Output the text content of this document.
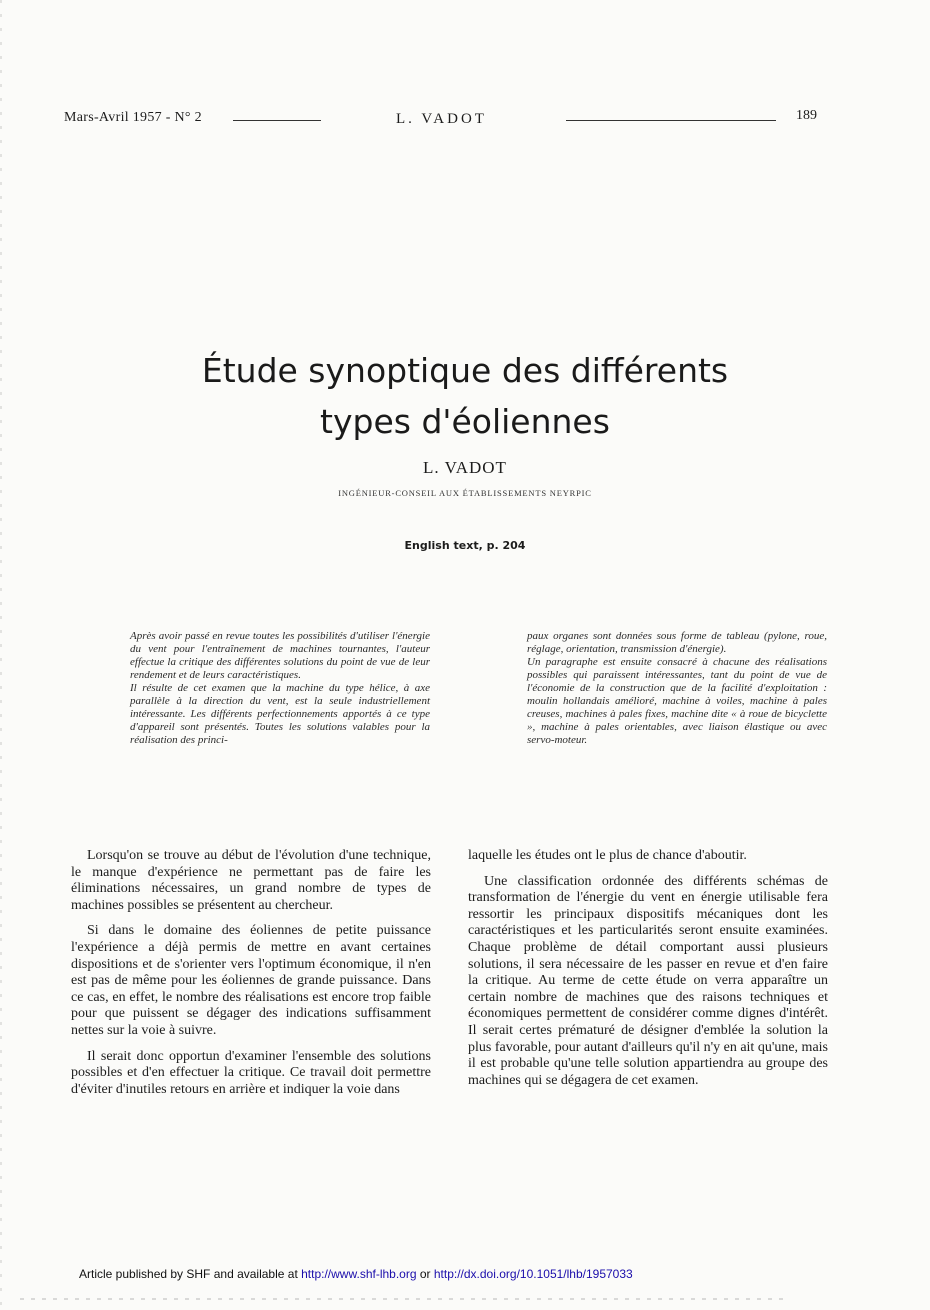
Mars-Avril 1957 - N° 2	L. VADOT	189
Étude synoptique des différents
types d'éoliennes
L. VADOT
INGÉNIEUR-CONSEIL AUX ÉTABLISSEMENTS NEYRPIC
English text, p. 204

Après avoir passé en revue toutes les possibilités d'utiliser l'énergie du vent pour l'entraînement de machines tournantes, l'auteur effectue la critique des différentes solutions du point de vue de leur rendement et de leurs caractéristiques.

Il résulte de cet examen que la machine du type hélice, à axe parallèle à la direction du vent, est la seule industriellement intéressante. Les différents perfectionnements apportés à ce type d'appareil sont présentés. Toutes les solutions valables pour la réalisation des princi-

paux organes sont données sous forme de tableau (pylone, roue, réglage, orientation, transmission d'énergie).

Un paragraphe est ensuite consacré à chacune des réalisations possibles qui paraissent intéressantes, tant du point de vue de l'économie de la construction que de la facilité d'exploitation : moulin hollandais amélioré, machine à voiles, machine à pales creuses, machines à pales fixes, machine dite « à roue de bicyclette », machine à pales orientables, avec liaison élastique ou avec servo-moteur.

Lorsqu'on se trouve au début de l'évolution d'une technique, le manque d'expérience ne permettant pas de faire les éliminations nécessaires, un grand nombre de types de machines possibles se présentent au chercheur.

Si dans le domaine des éoliennes de petite puissance l'expérience a déjà permis de mettre en avant certaines dispositions et de s'orienter vers l'optimum économique, il n'en est pas de même pour les éoliennes de grande puissance. Dans ce cas, en effet, le nombre des réalisations est encore trop faible pour que puissent se dégager des indications suffisamment nettes sur la voie à suivre.

Il serait donc opportun d'examiner l'ensemble des solutions possibles et d'en effectuer la critique. Ce travail doit permettre d'éviter d'inutiles retours en arrière et indiquer la voie dans

laquelle les études ont le plus de chance d'aboutir.

Une classification ordonnée des différents schémas de transformation de l'énergie du vent en énergie utilisable fera ressortir les principaux dispositifs mécaniques dont les caractéristiques et les particularités seront ensuite examinées. Chaque problème de détail comportant aussi plusieurs solutions, il sera nécessaire de les passer en revue et d'en faire la critique. Au terme de cette étude on verra apparaître un certain nombre de machines que des raisons techniques et économiques permettent de considérer comme dignes d'intérêt. Il serait certes prématuré de désigner d'emblée la solution la plus favorable, pour autant d'ailleurs qu'il n'y en ait qu'une, mais il est probable qu'une telle solution appartiendra au groupe des machines qui se dégagera de cet examen.

Article published by SHF and available at http://www.shf-lhb.org or http://dx.doi.org/10.1051/lhb/1957033
